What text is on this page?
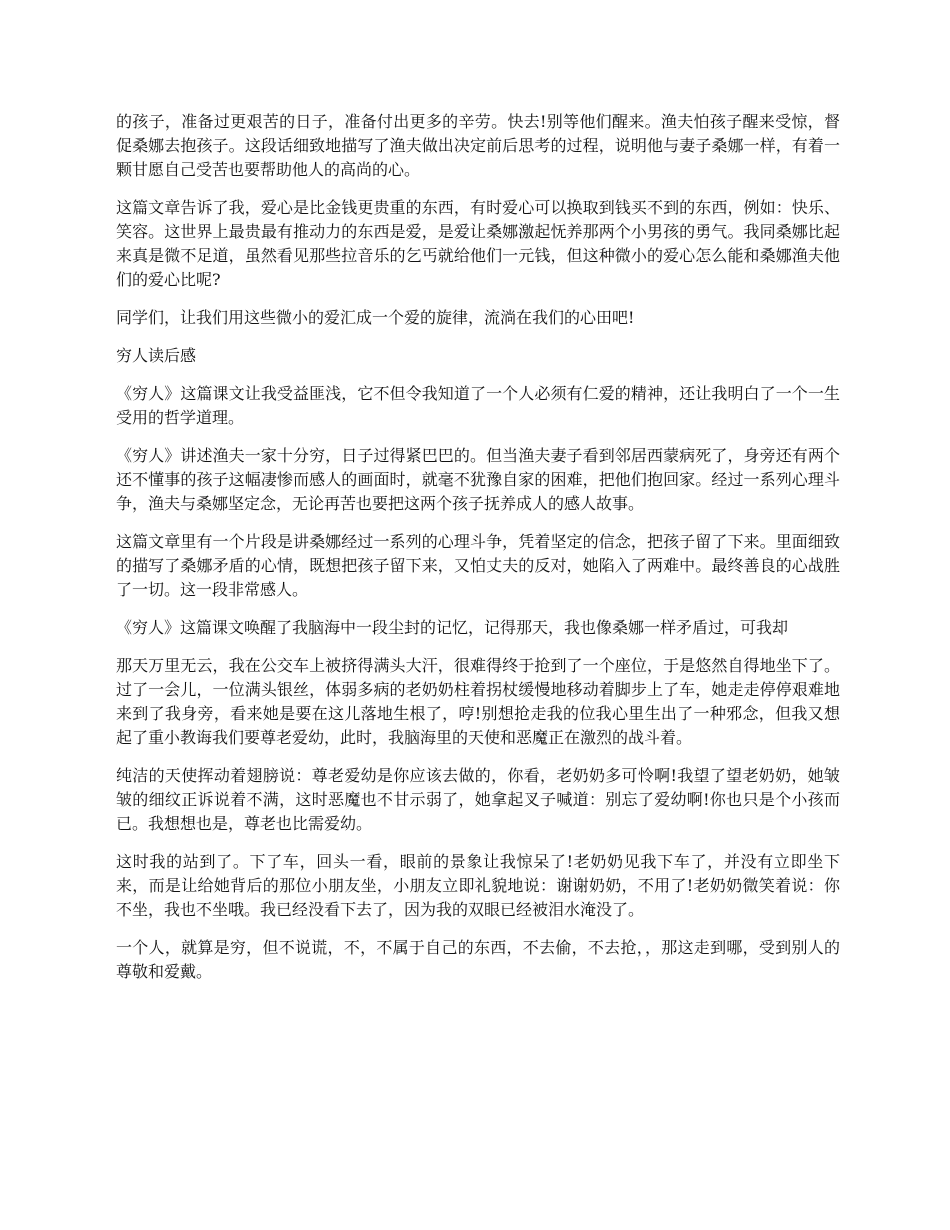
的孩子，准备过更艰苦的日子，准备付出更多的辛劳。快去!别等他们醒来。渔夫怕孩子醒来受惊，督促桑娜去抱孩子。这段话细致地描写了渔夫做出决定前后思考的过程，说明他与妻子桑娜一样，有着一颗甘愿自己受苦也要帮助他人的高尚的心。

这篇文章告诉了我，爱心是比金钱更贵重的东西，有时爱心可以换取到钱买不到的东西，例如：快乐、笑容。这世界上最贵最有推动力的东西是爱，是爱让桑娜激起怃养那两个小男孩的勇气。我同桑娜比起来真是微不足道，虽然看见那些拉音乐的乞丐就给他们一元钱，但这种微小的爱心怎么能和桑娜渔夫他们的爱心比呢?

同学们，让我们用这些微小的爱汇成一个爱的旋律，流淌在我们的心田吧!

穷人读后感

《穷人》这篇课文让我受益匪浅，它不但令我知道了一个人必须有仁爱的精神，还让我明白了一个一生受用的哲学道理。

《穷人》讲述渔夫一家十分穷，日子过得紧巴巴的。但当渔夫妻子看到邻居西蒙病死了，身旁还有两个还不懂事的孩子这幅凄惨而感人的画面时，就毫不犹豫自家的困难，把他们抱回家。经过一系列心理斗争，渔夫与桑娜坚定念，无论再苦也要把这两个孩子抚养成人的感人故事。

这篇文章里有一个片段是讲桑娜经过一系列的心理斗争，凭着坚定的信念，把孩子留了下来。里面细致的描写了桑娜矛盾的心情，既想把孩子留下来，又怕丈夫的反对，她陷入了两难中。最终善良的心战胜了一切。这一段非常感人。

《穷人》这篇课文唤醒了我脑海中一段尘封的记忆，记得那天，我也像桑娜一样矛盾过，可我却

那天万里无云，我在公交车上被挤得满头大汗，很难得终于抢到了一个座位，于是悠然自得地坐下了。过了一会儿，一位满头银丝，体弱多病的老奶奶柱着拐杖缓慢地移动着脚步上了车，她走走停停艰难地来到了我身旁，看来她是要在这儿落地生根了，哼!别想抢走我的位我心里生出了一种邪念，但我又想起了重小教诲我们要尊老爱幼，此时，我脑海里的天使和恶魔正在激烈的战斗着。

纯洁的天使挥动着翅膀说：尊老爱幼是你应该去做的，你看，老奶奶多可怜啊!我望了望老奶奶，她皱皱的细纹正诉说着不满，这时恶魔也不甘示弱了，她拿起叉子喊道：别忘了爱幼啊!你也只是个小孩而已。我想想也是，尊老也比需爱幼。

这时我的站到了。下了车，回头一看，眼前的景象让我惊呆了!老奶奶见我下车了，并没有立即坐下来，而是让给她背后的那位小朋友坐，小朋友立即礼貌地说：谢谢奶奶，不用了!老奶奶微笑着说：你不坐，我也不坐哦。我已经没看下去了，因为我的双眼已经被泪水淹没了。

一个人，就算是穷，但不说谎，不，不属于自己的东西，不去偷，不去抢，，那这走到哪，受到别人的尊敬和爱戴。
